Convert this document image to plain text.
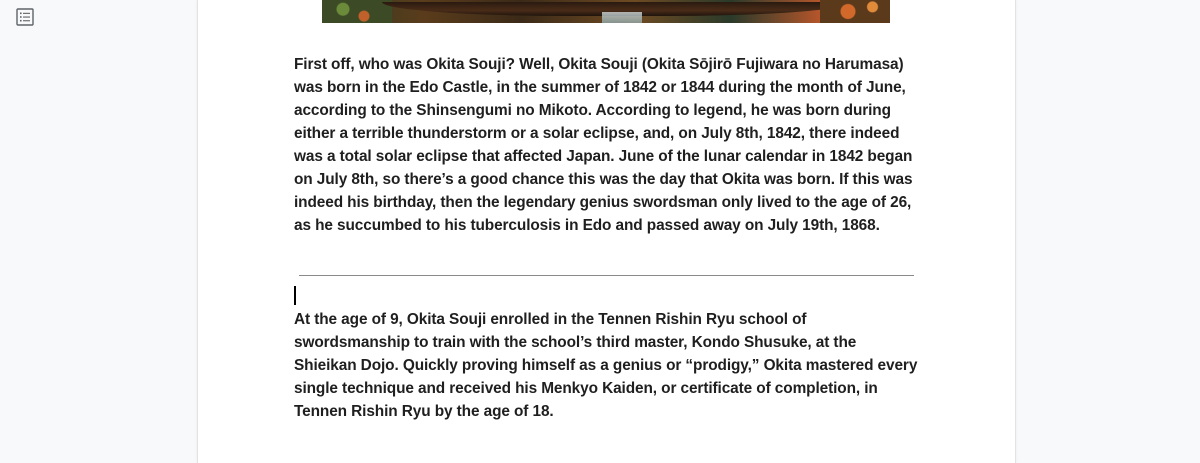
First off, who was Okita Souji? Well, Okita Souji (Okita Sōjirō Fujiwara no Harumasa) was born in the Edo Castle, in the summer of 1842 or 1844 during the month of June, according to the Shinsengumi no Mikoto. According to legend, he was born during either a terrible thunderstorm or a solar eclipse, and, on July 8th, 1842, there indeed was a total solar eclipse that affected Japan. June of the lunar calendar in 1842 began on July 8th, so there’s a good chance this was the day that Okita was born. If this was indeed his birthday, then the legendary genius swordsman only lived to the age of 26, as he succumbed to his tuberculosis in Edo and passed away on July 19th, 1868.

At the age of 9, Okita Souji enrolled in the Tennen Rishin Ryu school of swordsmanship to train with the school’s third master, Kondo Shusuke, at the Shieikan Dojo. Quickly proving himself as a genius or “prodigy,” Okita mastered every single technique and received his Menkyo Kaiden, or certificate of completion, in Tennen Rishin Ryu by the age of 18.
